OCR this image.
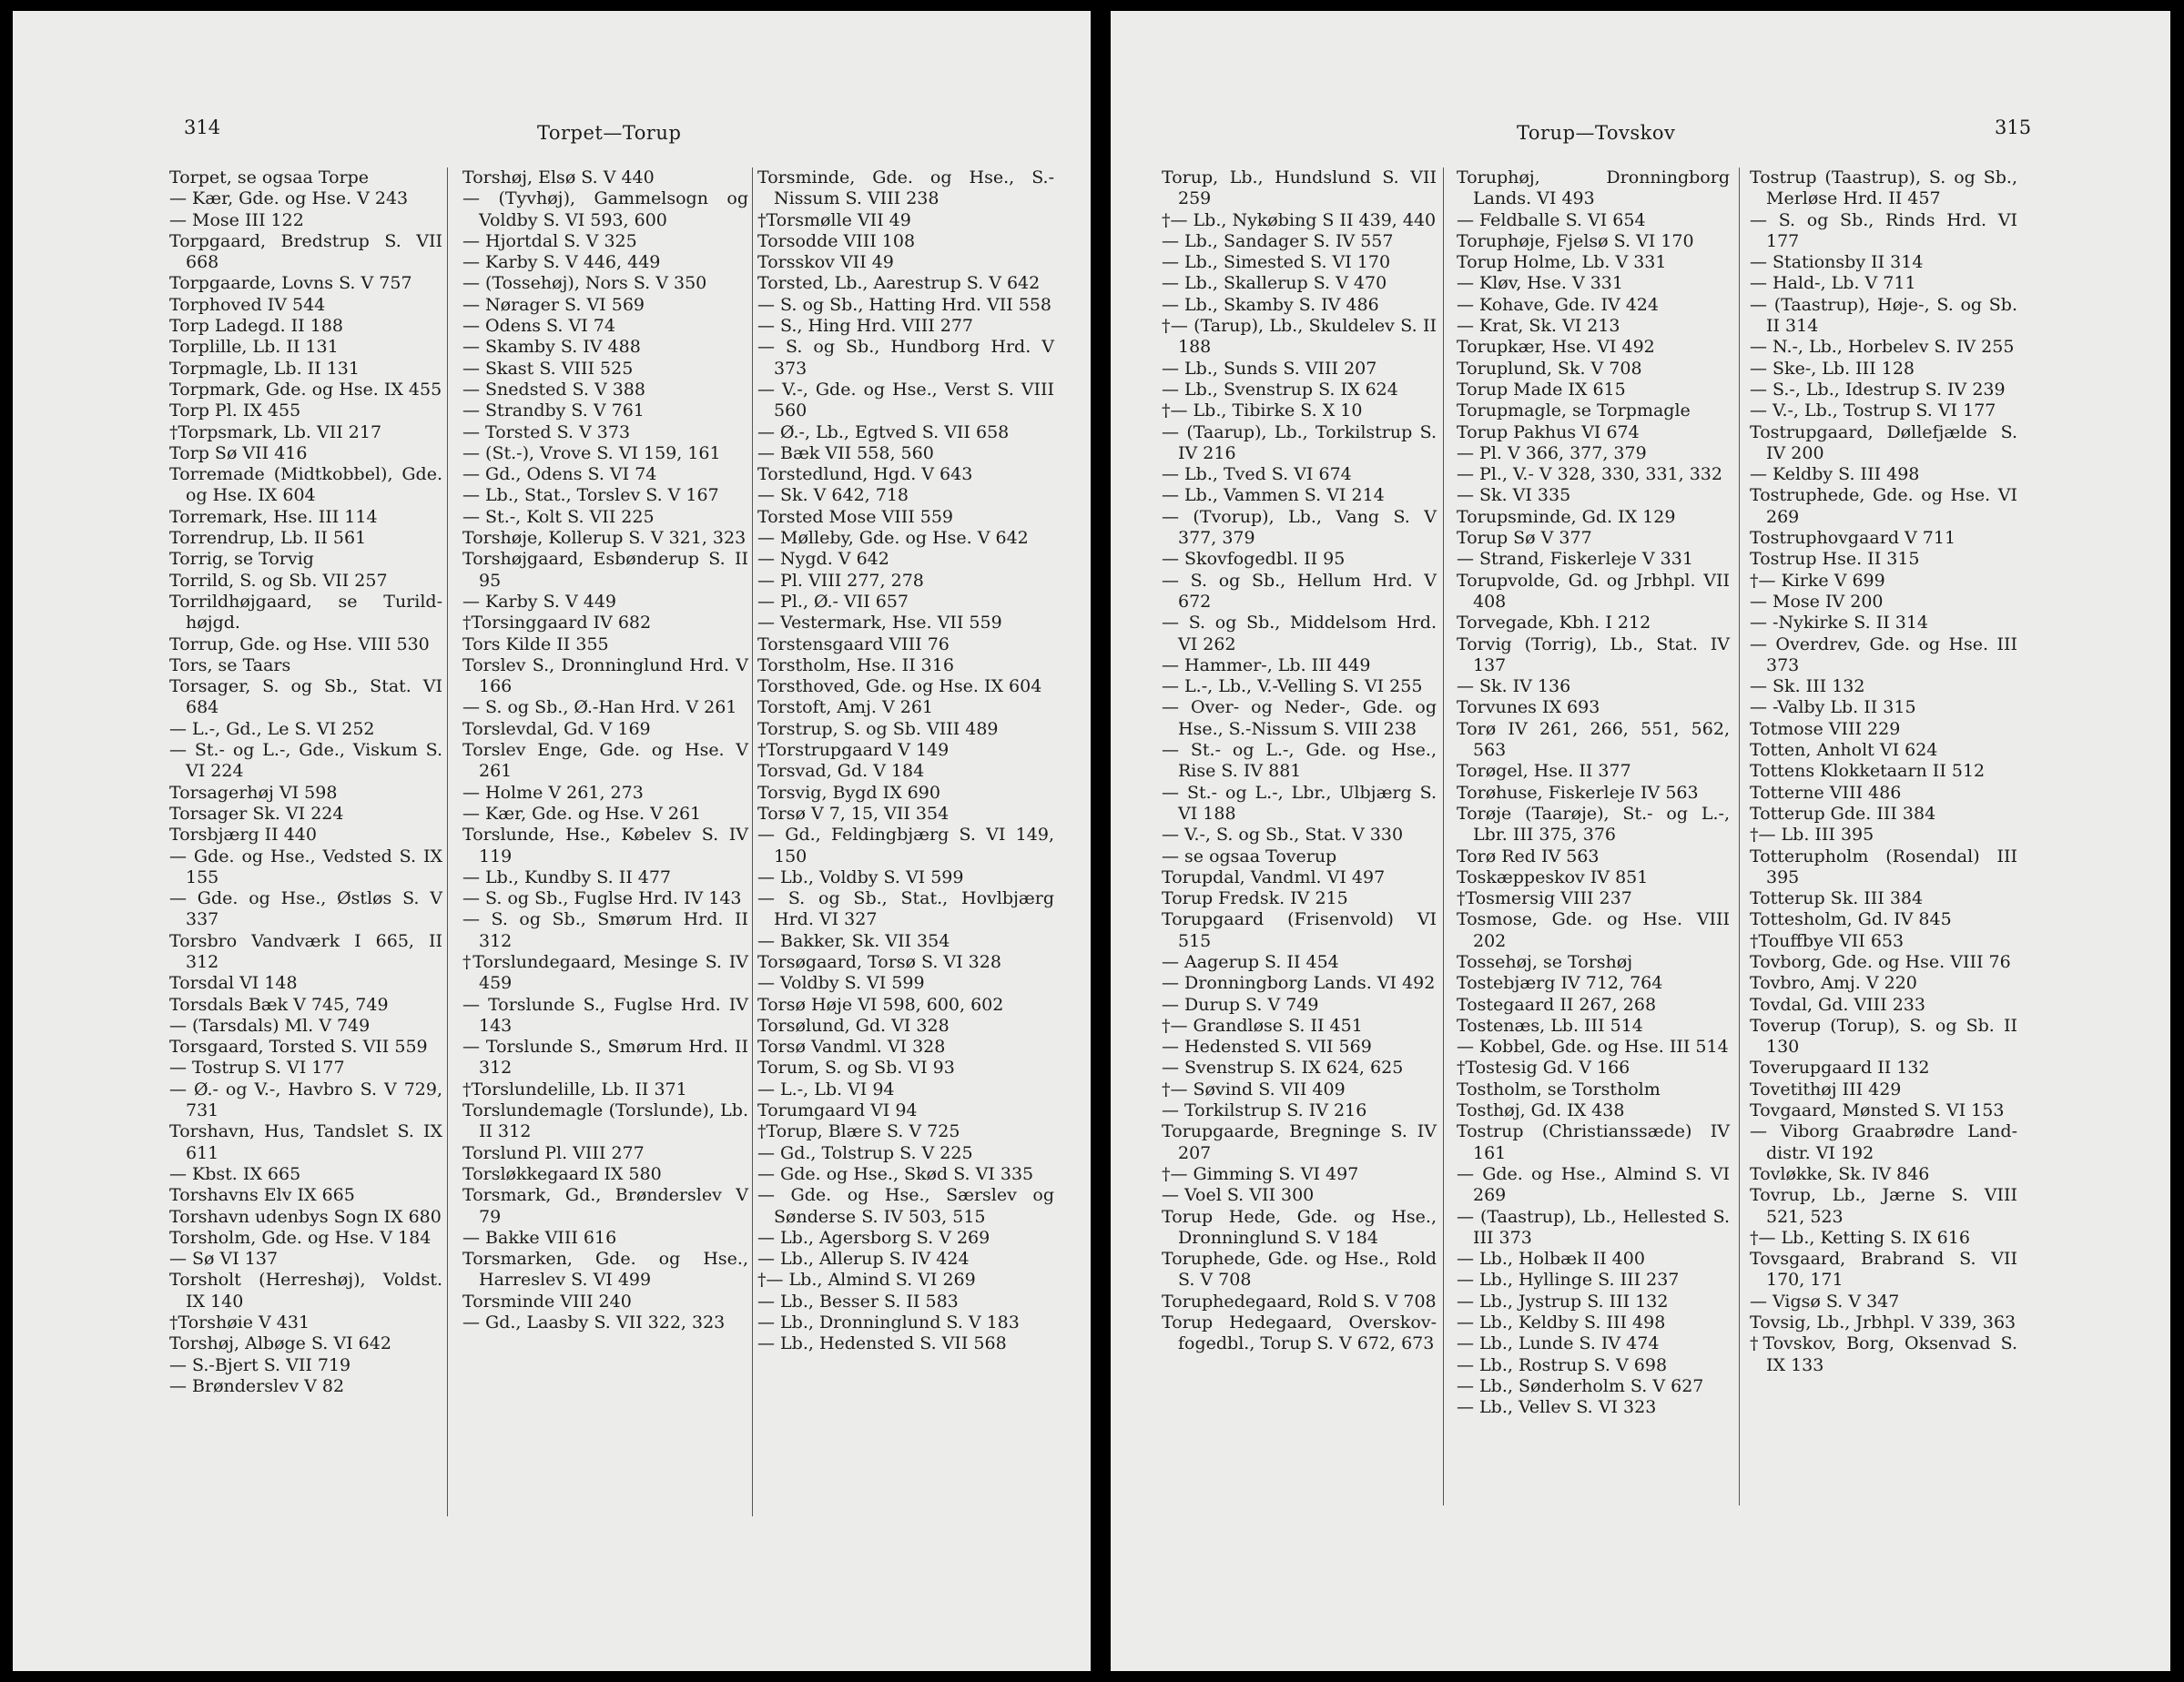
314	Torpet—Torup
Torpet, se ogsaa Torpe
— Kær, Gde. og Hse. V 243
— Mose III 122
Torpgaard, Bredstrup S. VII 668
Torpgaarde, Lovns S. V 757
Torphoved IV 544
Torp Ladegd. II 188
Torplille, Lb. II 131
Torpmagle, Lb. II 131
Torpmark, Gde. og Hse. IX 455
Torp Pl. IX 455
†Torpsmark, Lb. VII 217
Torp Sø VII 416
Torremade (Midtkobbel), Gde. og Hse. IX 604
Torremark, Hse. III 114
Torrendrup, Lb. II 561
Torrig, se Torvig
Torrild, S. og Sb. VII 257
Torrildhøjgaard, se Turild-højgd.
Torrup, Gde. og Hse. VIII 530
Tors, se Taars
Torsager, S. og Sb., Stat. VI 684
— L.-, Gd., Le S. VI 252
— St.- og L.-, Gde., Viskum S. VI 224
Torsagerhøj VI 598
Torsager Sk. VI 224
Torsbjærg II 440
— Gde. og Hse., Vedsted S. IX 155
— Gde. og Hse., Østløs S. V 337
Torsbro Vandværk I 665, II 312
Torsdal VI 148
Torsdals Bæk V 745, 749
— (Tarsdals) Ml. V 749
Torsgaard, Torsted S. VII 559
— Tostrup S. VI 177
— Ø.- og V.-, Havbro S. V 729, 731
Torshavn, Hus, Tandslet S. IX 611
— Kbst. IX 665
Torshavns Elv IX 665
Torshavn udenbys Sogn IX 680
Torsholm, Gde. og Hse. V 184
— Sø VI 137
Torsholt (Herreshøj), Voldst. IX 140
†Torshøie V 431
Torshøj, Albøge S. VI 642
— S.-Bjert S. VII 719
— Brønderslev V 82
Torshøj, Elsø S. V 440
— (Tyvhøj), Gammelsogn og Voldby S. VI 593, 600
— Hjortdal S. V 325
— Karby S. V 446, 449
— (Tossehøj), Nors S. V 350
— Nørager S. VI 569
— Odens S. VI 74
— Skamby S. IV 488
— Skast S. VIII 525
— Snedsted S. V 388
— Strandby S. V 761
— Torsted S. V 373
— (St.-), Vrove S. VI 159, 161
— Gd., Odens S. VI 74
— Lb., Stat., Torslev S. V 167
— St.-, Kolt S. VII 225
Torshøje, Kollerup S. V 321, 323
Torshøjgaard, Esbønderup S. II 95
— Karby S. V 449
†Torsinggaard IV 682
Tors Kilde II 355
Torslev S., Dronninglund Hrd. V 166
— S. og Sb., Ø.-Han Hrd. V 261
Torslevdal, Gd. V 169
Torslev Enge, Gde. og Hse. V 261
— Holme V 261, 273
— Kær, Gde. og Hse. V 261
Torslunde, Hse., Købelev S. IV 119
— Lb., Kundby S. II 477
— S. og Sb., Fuglse Hrd. IV 143
— S. og Sb., Smørum Hrd. II 312
†Torslundegaard, Mesinge S. IV 459
— Torslunde S., Fuglse Hrd. IV 143
— Torslunde S., Smørum Hrd. II 312
†Torslundelille, Lb. II 371
Torslundemagle (Torslunde), Lb. II 312
Torslund Pl. VIII 277
Torsløkkegaard IX 580
Torsmark, Gd., Brønderslev V 79
— Bakke VIII 616
Torsmarken, Gde. og Hse., Harreslev S. VI 499
Torsminde VIII 240
— Gd., Laasby S. VII 322, 323
Torsminde, Gde. og Hse., S.-Nissum S. VIII 238
†Torsmølle VII 49
Torsodde VIII 108
Torsskov VII 49
Torsted, Lb., Aarestrup S. V 642
— S. og Sb., Hatting Hrd. VII 558
— S., Hing Hrd. VIII 277
— S. og Sb., Hundborg Hrd. V 373
— V.-, Gde. og Hse., Verst S. VIII 560
— Ø.-, Lb., Egtved S. VII 658
— Bæk VII 558, 560
Torstedlund, Hgd. V 643
— Sk. V 642, 718
Torsted Mose VIII 559
— Mølleby, Gde. og Hse. V 642
— Nygd. V 642
— Pl. VIII 277, 278
— Pl., Ø.- VII 657
— Vestermark, Hse. VII 559
Torstensgaard VIII 76
Torstholm, Hse. II 316
Torsthoved, Gde. og Hse. IX 604
Torstoft, Amj. V 261
Torstrup, S. og Sb. VIII 489
†Torstrupgaard V 149
Torsvad, Gd. V 184
Torsvig, Bygd IX 690
Torsø V 7, 15, VII 354
— Gd., Feldingbjærg S. VI 149, 150
— Lb., Voldby S. VI 599
— S. og Sb., Stat., Hovlbjærg Hrd. VI 327
— Bakker, Sk. VII 354
Torsøgaard, Torsø S. VI 328
— Voldby S. VI 599
Torsø Høje VI 598, 600, 602
Torsølund, Gd. VI 328
Torsø Vandml. VI 328
Torum, S. og Sb. VI 93
— L.-, Lb. VI 94
Torumgaard VI 94
†Torup, Blære S. V 725
— Gd., Tolstrup S. V 225
— Gde. og Hse., Skød S. VI 335
— Gde. og Hse., Særslev og Sønderse S. IV 503, 515
— Lb., Agersborg S. V 269
— Lb., Allerup S. IV 424
†— Lb., Almind S. VI 269
— Lb., Besser S. II 583
— Lb., Dronninglund S. V 183
— Lb., Hedensted S. VII 568
Torup—Tovskov	315
Torup, Lb., Hundslund S. VII 259
†— Lb., Nykøbing S II 439, 440
— Lb., Sandager S. IV 557
— Lb., Simested S. VI 170
— Lb., Skallerup S. V 470
— Lb., Skamby S. IV 486
†— (Tarup), Lb., Skuldelev S. II 188
— Lb., Sunds S. VIII 207
— Lb., Svenstrup S. IX 624
†— Lb., Tibirke S. X 10
— (Taarup), Lb., Torkilstrup S. IV 216
— Lb., Tved S. VI 674
— Lb., Vammen S. VI 214
— (Tvorup), Lb., Vang S. V 377, 379
— Skovfogedbl. II 95
— S. og Sb., Hellum Hrd. V 672
— S. og Sb., Middelsom Hrd. VI 262
— Hammer-, Lb. III 449
— L.-, Lb., V.-Velling S. VI 255
— Over- og Neder-, Gde. og Hse., S.-Nissum S. VIII 238
— St.- og L.-, Gde. og Hse., Rise S. IV 881
— St.- og L.-, Lbr., Ulbjærg S. VI 188
— V.-, S. og Sb., Stat. V 330
— se ogsaa Toverup
Torupdal, Vandml. VI 497
Torup Fredsk. IV 215
Torupgaard (Frisenvold) VI 515
— Aagerup S. II 454
— Dronningborg Lands. VI 492
— Durup S. V 749
†— Grandløse S. II 451
— Hedensted S. VII 569
— Svenstrup S. IX 624, 625
†— Søvind S. VII 409
— Torkilstrup S. IV 216
Torupgaarde, Bregninge S. IV 207
†— Gimming S. VI 497
— Voel S. VII 300
Torup Hede, Gde. og Hse., Dronninglund S. V 184
Toruphede, Gde. og Hse., Rold S. V 708
Toruphedegaard, Rold S. V 708
Torup Hedegaard, Overskov-fogedbl., Torup S. V 672, 673
Toruphøj, Dronningborg Lands. VI 493
— Feldballe S. VI 654
Toruphøje, Fjelsø S. VI 170
Torup Holme, Lb. V 331
— Kløv, Hse. V 331
— Kohave, Gde. IV 424
— Krat, Sk. VI 213
Torupkær, Hse. VI 492
Toruplund, Sk. V 708
Torup Made IX 615
Torupmagle, se Torpmagle
Torup Pakhus VI 674
— Pl. V 366, 377, 379
— Pl., V.- V 328, 330, 331, 332
— Sk. VI 335
Torupsminde, Gd. IX 129
Torup Sø V 377
— Strand, Fiskerleje V 331
Torupvolde, Gd. og Jrbhpl. VII 408
Torvegade, Kbh. I 212
Torvig (Torrig), Lb., Stat. IV 137
— Sk. IV 136
Torvunes IX 693
Torø IV 261, 266, 551, 562, 563
Torøgel, Hse. II 377
Torøhuse, Fiskerleje IV 563
Torøje (Taarøje), St.- og L.-, Lbr. III 375, 376
Torø Red IV 563
Toskæppeskov IV 851
†Tosmersig VIII 237
Tosmose, Gde. og Hse. VIII 202
Tossehøj, se Torshøj
Tostebjærg IV 712, 764
Tostegaard II 267, 268
Tostenæs, Lb. III 514
— Kobbel, Gde. og Hse. III 514
†Tostesig Gd. V 166
Tostholm, se Torstholm
Tosthøj, Gd. IX 438
Tostrup (Christianssæde) IV 161
— Gde. og Hse., Almind S. VI 269
— (Taastrup), Lb., Hellested S. III 373
— Lb., Holbæk II 400
— Lb., Hyllinge S. III 237
— Lb., Jystrup S. III 132
— Lb., Keldby S. III 498
— Lb., Lunde S. IV 474
— Lb., Rostrup S. V 698
— Lb., Sønderholm S. V 627
— Lb., Vellev S. VI 323
Tostrup (Taastrup), S. og Sb., Merløse Hrd. II 457
— S. og Sb., Rinds Hrd. VI 177
— Stationsby II 314
— Hald-, Lb. V 711
— (Taastrup), Høje-, S. og Sb. II 314
— N.-, Lb., Horbelev S. IV 255
— Ske-, Lb. III 128
— S.-, Lb., Idestrup S. IV 239
— V.-, Lb., Tostrup S. VI 177
Tostrupgaard, Døllefjælde S. IV 200
— Keldby S. III 498
Tostruphede, Gde. og Hse. VI 269
Tostruphovgaard V 711
Tostrup Hse. II 315
†— Kirke V 699
— Mose IV 200
— -Nykirke S. II 314
— Overdrev, Gde. og Hse. III 373
— Sk. III 132
— -Valby Lb. II 315
Totmose VIII 229
Totten, Anholt VI 624
Tottens Klokketaarn II 512
Totterne VIII 486
Totterup Gde. III 384
†— Lb. III 395
Totterupholm (Rosendal) III 395
Totterup Sk. III 384
Tottesholm, Gd. IV 845
†Touffbye VII 653
Tovborg, Gde. og Hse. VIII 76
Tovbro, Amj. V 220
Tovdal, Gd. VIII 233
Toverup (Torup), S. og Sb. II 130
Toverupgaard II 132
Tovetithøj III 429
Tovgaard, Mønsted S. VI 153
— Viborg Graabrødre Land-distr. VI 192
Tovløkke, Sk. IV 846
Tovrup, Lb., Jærne S. VIII 521, 523
†— Lb., Ketting S. IX 616
Tovsgaard, Brabrand S. VII 170, 171
— Vigsø S. V 347
Tovsig, Lb., Jrbhpl. V 339, 363
†Tovskov, Borg, Oksenvad S. IX 133
